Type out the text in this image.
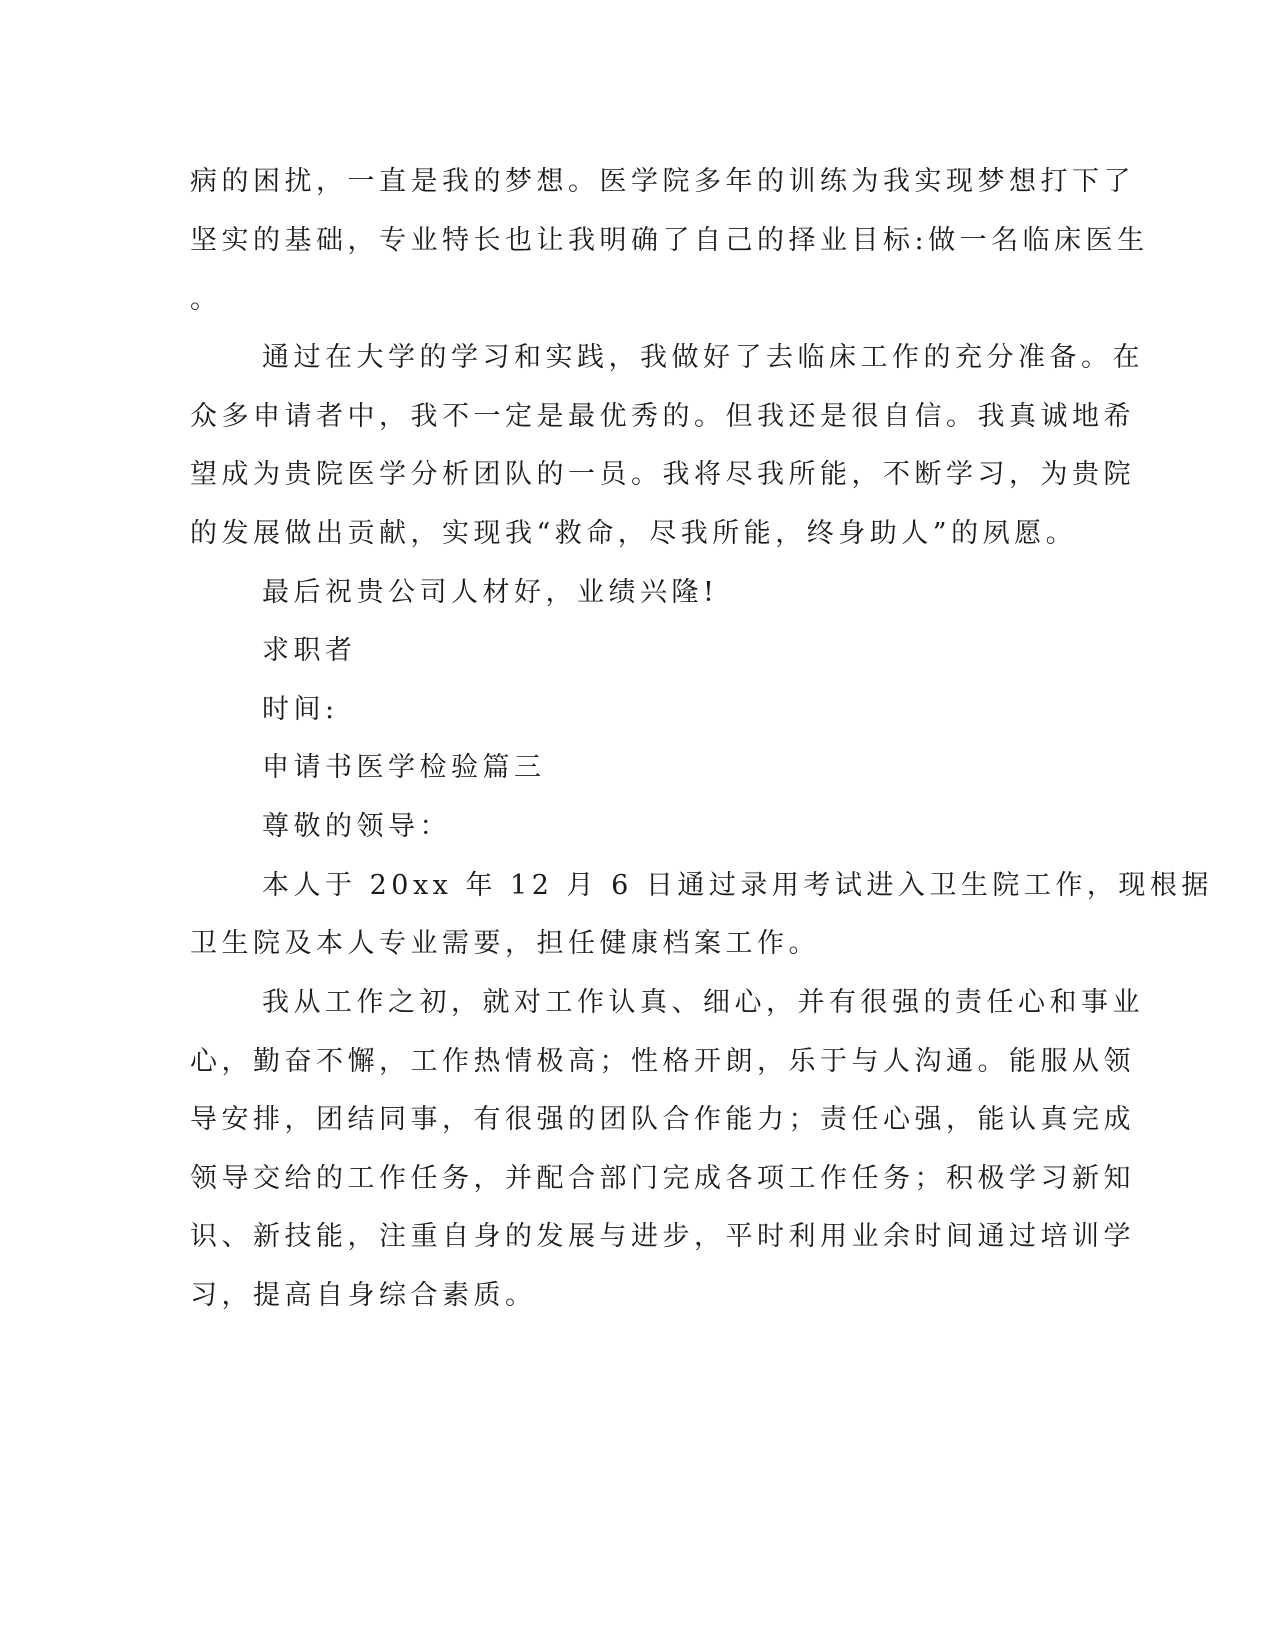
病的困扰，一直是我的梦想。医学院多年的训练为我实现梦想打下了
坚实的基础，专业特长也让我明确了自己的择业目标:做一名临床医生
。
通过在大学的学习和实践，我做好了去临床工作的充分准备。在
众多申请者中，我不一定是最优秀的。但我还是很自信。我真诚地希
望成为贵院医学分析团队的一员。我将尽我所能，不断学习，为贵院
的发展做出贡献，实现我“救命，尽我所能，终身助人”的夙愿。
最后祝贵公司人材好，业绩兴隆!
求职者
时间:
申请书医学检验篇三
尊敬的领导：
本人于 20xx 年 12 月 6 日通过录用考试进入卫生院工作，现根据
卫生院及本人专业需要，担任健康档案工作。
我从工作之初，就对工作认真、细心，并有很强的责任心和事业
心，勤奋不懈，工作热情极高；性格开朗，乐于与人沟通。能服从领
导安排，团结同事，有很强的团队合作能力；责任心强，能认真完成
领导交给的工作任务，并配合部门完成各项工作任务；积极学习新知
识、新技能，注重自身的发展与进步，平时利用业余时间通过培训学
习，提高自身综合素质。
